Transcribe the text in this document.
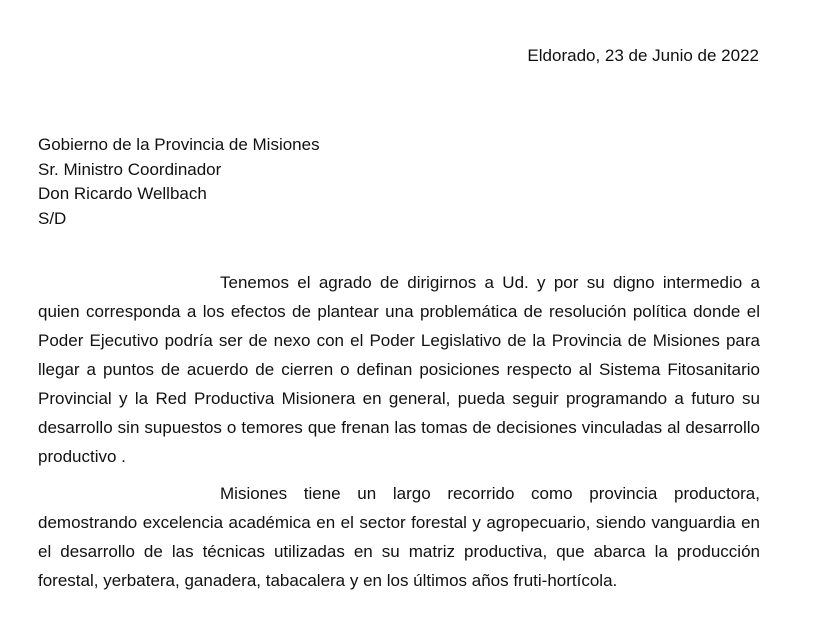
Eldorado, 23 de Junio de 2022
Gobierno de la Provincia de Misiones
Sr. Ministro Coordinador
Don Ricardo Wellbach
S/D

Tenemos el agrado de dirigirnos a Ud. y por su digno intermedio a quien corresponda a los efectos de plantear una problemática de resolución política donde el Poder Ejecutivo podría ser de nexo con el Poder Legislativo de la Provincia de Misiones para llegar a puntos de acuerdo de cierren o definan posiciones respecto al Sistema Fitosanitario Provincial y la Red Productiva Misionera en general, pueda seguir programando a futuro su desarrollo sin supuestos o temores que frenan las tomas de decisiones vinculadas al desarrollo productivo .

Misiones tiene un largo recorrido como provincia productora, demostrando excelencia académica en el sector forestal y agropecuario, siendo vanguardia en el desarrollo de las técnicas utilizadas en su matriz productiva, que abarca la producción forestal, yerbatera, ganadera, tabacalera y en los últimos años fruti-hortícola.
